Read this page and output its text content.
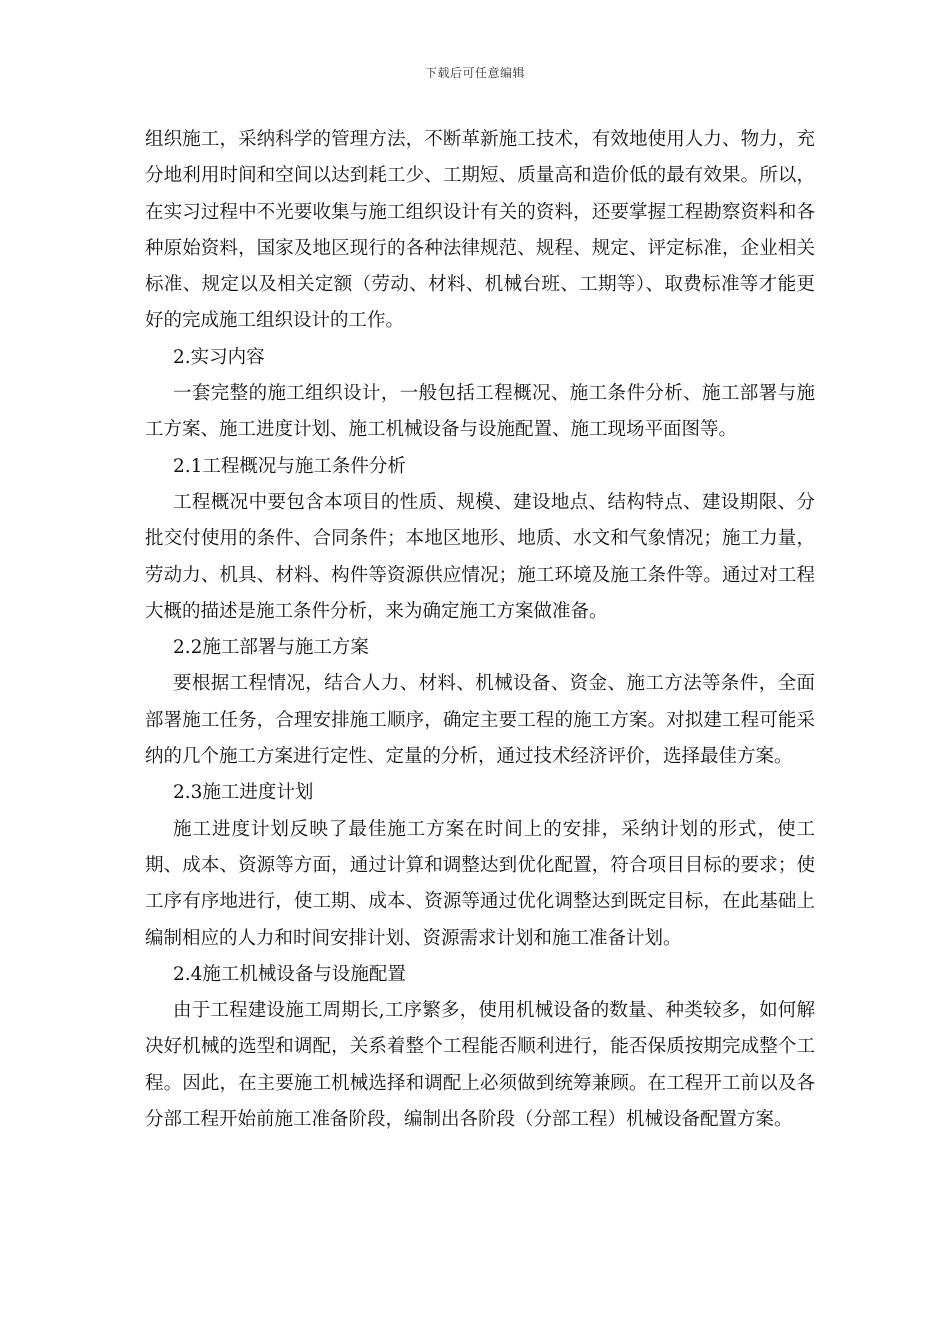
下载后可任意编辑

组织施工，采纳科学的管理方法，不断革新施工技术，有效地使用人力、物力，充分地利用时间和空间以达到耗工少、工期短、质量高和造价低的最有效果。所以，在实习过程中不光要收集与施工组织设计有关的资料，还要掌握工程勘察资料和各种原始资料，国家及地区现行的各种法律规范、规程、规定、评定标准，企业相关标准、规定以及相关定额（劳动、材料、机械台班、工期等）、取费标准等才能更好的完成施工组织设计的工作。

2.实习内容

一套完整的施工组织设计，一般包括工程概况、施工条件分析、施工部署与施工方案、施工进度计划、施工机械设备与设施配置、施工现场平面图等。

2.1工程概况与施工条件分析

工程概况中要包含本项目的性质、规模、建设地点、结构特点、建设期限、分批交付使用的条件、合同条件；本地区地形、地质、水文和气象情况；施工力量，劳动力、机具、材料、构件等资源供应情况；施工环境及施工条件等。通过对工程大概的描述是施工条件分析，来为确定施工方案做准备。

2.2施工部署与施工方案

要根据工程情况，结合人力、材料、机械设备、资金、施工方法等条件，全面部署施工任务，合理安排施工顺序，确定主要工程的施工方案。对拟建工程可能采纳的几个施工方案进行定性、定量的分析，通过技术经济评价，选择最佳方案。

2.3施工进度计划

施工进度计划反映了最佳施工方案在时间上的安排，采纳计划的形式，使工期、成本、资源等方面，通过计算和调整达到优化配置，符合项目目标的要求；使工序有序地进行，使工期、成本、资源等通过优化调整达到既定目标，在此基础上编制相应的人力和时间安排计划、资源需求计划和施工准备计划。

2.4施工机械设备与设施配置

由于工程建设施工周期长,工序繁多，使用机械设备的数量、种类较多，如何解决好机械的选型和调配，关系着整个工程能否顺利进行，能否保质按期完成整个工程。因此，在主要施工机械选择和调配上必须做到统筹兼顾。在工程开工前以及各分部工程开始前施工准备阶段，编制出各阶段（分部工程）机械设备配置方案。
